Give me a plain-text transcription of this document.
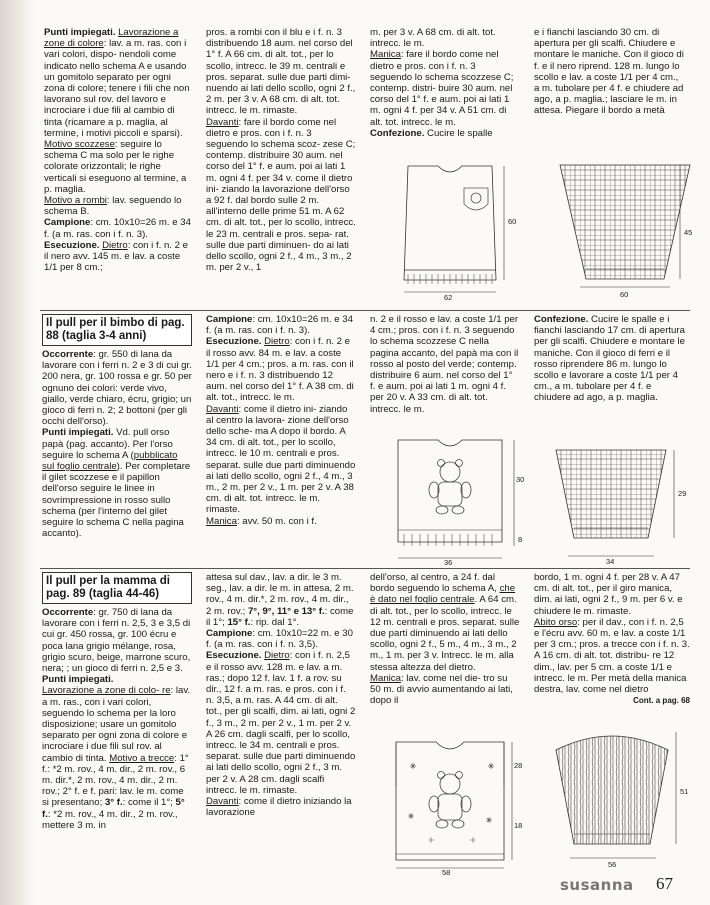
Punti impiegati. Lavorazione a zone di colore: lav. a m. ras. con i vari colori, dispo- nendoli come indicato nello schema A e usando un gomitolo separato per ogni zona di colore; tenere i fili che non lavorano sul rov. del lavoro e incrociare i due fili al cambio di tinta (ricamare a p. maglia, al termine, i motivi piccoli e sparsi).

Motivo scozzese: seguire lo schema C ma solo per le righe colorate orizzontali; le righe verticali si eseguono al termine, a p. maglia.

Motivo a rombi: lav. seguendo lo schema B.

Campione: cm. 10x10=26 m. e 34 f. (a m. ras. con i f. n. 3).

Esecuzione. Dietro: con i f. n. 2 e il nero avv. 145 m. e lav. a coste 1/1 per 8 cm.;

pros. a rombi con il blu e i f. n. 3 distribuendo 18 aum. nel corso del 1° f. A 66 cm. di alt. tot., per lo scollo, intrecc. le 39 m. centrali e pros. separat. sulle due parti dimi- nuendo ai lati dello scollo, ogni 2 f., 2 m. per 3 v. A 68 cm. di alt. tot. intrecc. le m. rimaste.

Davanti: fare il bordo come nel dietro e pros. con i f. n. 3 seguendo lo schema scoz- zese C; contemp. distribuire 30 aum. nel corso del 1° f. e aum. poi ai lati 1 m. ogni 4 f. per 34 v. come il dietro ini- ziando la lavorazione dell'orso a 92 f. dal bordo sulle 2 m. all'interno delle prime 51 m. A 62 cm. di alt. tot., per lo scollo, intrecc. le 23 m. centrali e pros. sepa- rat. sulle due parti diminuen- do ai lati dello scollo, ogni 2 f., 4 m., 3 m., 2 m. per 2 v., 1

m. per 3 v. A 68 cm. di alt. tot. intrecc. le m.

Manica: fare il bordo come nel dietro e pros. con i f. n. 3 seguendo lo schema scozzese C; contemp. distri- buire 30 aum. nel corso del 1° f. e aum. poi ai lati 1 m. ogni 4 f. per 34 v. A 51 cm. di alt. tot. intrecc. le m.

Confezione. Cucire le spalle

e i fianchi lasciando 30 cm. di apertura per gli scalfi. Chiudere e montare le maniche. Con il gioco di f. e il nero riprend. 128 m. lungo lo scollo e lav. a coste 1/1 per 4 cm., a m. tubolare per 4 f. e chiudere ad ago, a p. maglia.; lasciare le m. in attesa. Piegare il bordo a metà

60
62
45
60
Il pull per il bimbo di pag. 88 (taglia 3-4 anni)

Occorrente: gr. 550 di lana da lavorare con i ferri n. 2 e 3 di cui gr. 200 nera, gr. 100 rossa e gr. 50 per ognuno dei colori: verde vivo, giallo, verde chiaro, écru, grigio; un gioco di ferri n. 2; 2 bottoni (per gli occhi dell'orso).

Punti impiegati. Vd. pull orso papà (pag. accanto). Per l'orso seguire lo schema A (pubblicato sul foglio centrale). Per completare il gilet scozzese e il papillon dell'orso seguire le linee in sovrimpressione in rosso sullo schema (per l'interno del gilet seguire lo schema C nella pagina accanto).

Campione: cm. 10x10=26 m. e 34 f. (a m. ras. con i f. n. 3).

Esecuzione. Dietro: con i f. n. 2 e il rosso avv. 84 m. e lav. a coste 1/1 per 4 cm.; pros. a m. ras. con il nero e i f. n. 3 distribuendo 12 aum. nel corso del 1° f. A 38 cm. di alt. tot., intrecc. le m.

Davanti: come il dietro ini- ziando al centro la lavora- zione dell'orso dello sche- ma A dopo il bordo. A 34 cm. di alt. tot., per lo scollo, intrecc. le 10 m. centrali e pros. separat. sulle due parti diminuendo ai lati dello scollo, ogni 2 f., 4 m., 3 m., 2 m. per 2 v., 1 m. per 2 v. A 38 cm. di alt. tot. intrecc. le m. rimaste.

Manica: avv. 50 m. con i f.

n. 2 e il rosso e lav. a coste 1/1 per 4 cm.; pros. con i f. n. 3 seguendo lo schema scozzese C nella pagina accanto, del papà ma con il rosso al posto del verde; contemp. distribuire 6 aum. nel corso del 1° f. e aum. poi ai lati 1 m. ogni 4 f. per 20 v. A 33 cm. di alt. tot. intrecc. le m.

Confezione. Cucire le spalle e i fianchi lasciando 17 cm. di apertura per gli scalfi. Chiudere e montare le maniche. Con il gioco di ferri e il rosso riprendere 86 m. lungo lo scollo e lavorare a coste 1/1 per 4 cm., a m. tubolare per 4 f. e chiudere ad ago, a p. maglia.

30
8
36
29
34
Il pull per la mamma di pag. 89 (taglia 44-46)

Occorrente: gr. 750 di lana da lavorare con i ferri n. 2,5, 3 e 3,5 di cui gr. 450 rossa, gr. 100 écru e poca lana grigio mélange, rosa, grigio scuro, beige, marrone scuro, nera; ; un gioco di ferri n. 2,5 e 3.

Punti impiegati.

Lavorazione a zone di colo- re: lav. a m. ras., con i vari colori, seguendo lo schema per la loro disposizione; usare un gomitolo separato per ogni zona di colore e incrociare i due fili sul rov. al cambio di tinta. Motivo a trecce: 1° f.: *2 m. rov., 4 m. dir., 2 m. rov., 6 m. dir.*, 2 m. rov., 4 m. dir., 2 m. rov.; 2° f. e f. pari: lav. le m. come si presentano; 3° f.: come il 1°; 5° f.: *2 m. rov., 4 m. dir., 2 m. rov., mettere 3 m. in

attesa sul dav., lav. a dir. le 3 m. seg., lav. a dir. le m. in attesa, 2 m. rov., 4 m. dir.*, 2 m. rov., 4 m. dir., 2 m. rov.; 7°, 9°, 11° e 13° f.: come il 1°; 15° f.: rip. dal 1°.

Campione: cm. 10x10=22 m. e 30 f. (a m. ras. con i f. n. 3,5).

Esecuzione. Dietro: con i f. n. 2,5 e il rosso avv. 128 m. e lav. a m. ras.; dopo 12 f. lav. 1 f. a rov. su dir., 12 f. a m. ras. e pros. con i f. n. 3,5, a m. ras. A 44 cm. di alt. tot., per gli scalfi, dim. ai lati, ogni 2 f., 3 m., 2 m. per 2 v., 1 m. per 2 v. A 26 cm. dagli scalfi, per lo scollo, intrecc. le 34 m. centrali e pros. separat. sulle due parti diminuendo ai lati dello scollo, ogni 2 f., 3 m. per 2 v. A 28 cm. dagli scalfi intrecc. le m. rimaste.

Davanti: come il dietro iniziando la lavorazione

dell'orso, al centro, a 24 f. dal bordo seguendo lo schema A, che è dato nel foglio centrale. A 64 cm. di alt. tot., per lo scollo, intrecc. le 12 m. centrali e pros. separat. sulle due parti diminuendo ai lati dello scollo, ogni 2 f., 5 m., 4 m., 3 m., 2 m., 1 m. per 3 v. Intrecc. le m. alla stessa altezza del dietro.

Manica: lav. come nel die- tro su 50 m. di avvio aumentando ai lati, dopo il

bordo, 1 m. ogni 4 f. per 28 v. A 47 cm. di alt. tot., per il giro manica, dim. ai lati, ogni 2 f., 9 m. per 6 v. e chiudere le m. rimaste.

Abito orso: per il dav., con i f. n. 2,5 e l'écru avv. 60 m. e lav. a coste 1/1 per 3 cm.; pros. a trecce con i f. n. 3. A 16 cm. di alt. tot. distribu- re 12 dim., lav. per 5 cm. a coste 1/1 e intrecc. le m. Per metà della manica destra, lav. come nel dietro

Cont. a pag. 68

28
18
58
51
56
susanna 67
